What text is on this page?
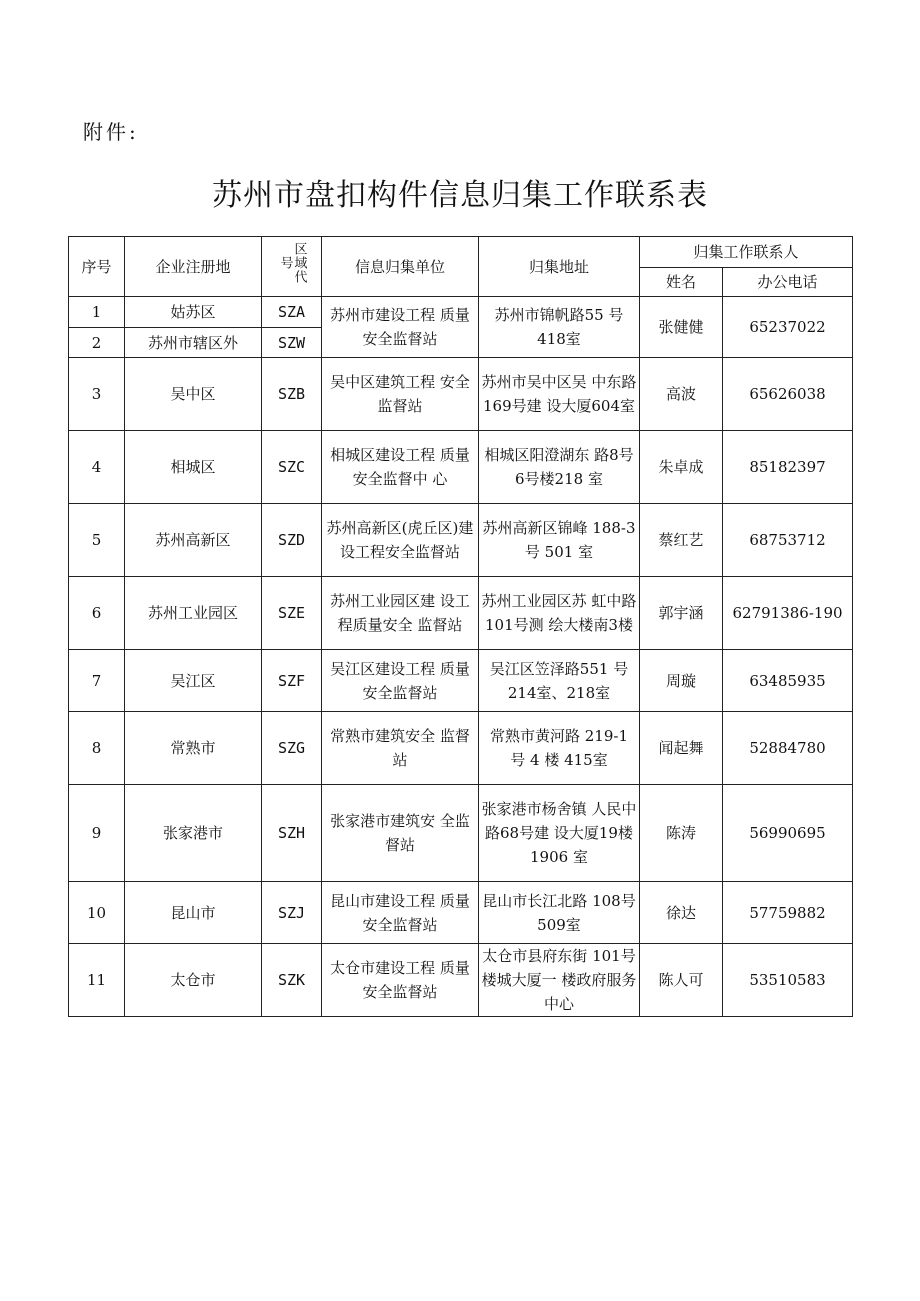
附件:
苏州市盘扣构件信息归集工作联系表
序号	企业注册地	区域代号	信息归集单位	归集地址	归集工作联系人	
					姓名	办公电话
1	姑苏区	SZA	苏州市建设工程 质量安全监督站	苏州市锦帆路55 号418室	张健健	65237022
2	苏州市辖区外	SZW				
3	吴中区	SZB	吴中区建筑工程 安全监督站	苏州市吴中区吴 中东路169号建 设大厦604室	高波	65626038
4	相城区	SZC	相城区建设工程 质量安全监督中 心	相城区阳澄湖东 路8号6号楼218 室	朱卓成	85182397
5	苏州高新区	SZD	苏州高新区(虎丘区)建设工程安全监督站	苏州高新区锦峰 188-3 号 501 室	蔡红艺	68753712
6	苏州工业园区	SZE	苏州工业园区建 设工程质量安全 监督站	苏州工业园区苏 虹中路101号测 绘大楼南3楼	郭宇涵	62791386-190
7	吴江区	SZF	吴江区建设工程 质量安全监督站	吴江区笠泽路551 号214室、218室	周璇	63485935
8	常熟市	SZG	常熟市建筑安全 监督站	常熟市黄河路 219-1 号 4 楼 415室	闻起舞	52884780
9	张家港市	SZH	张家港市建筑安 全监督站	张家港市杨舍镇 人民中路68号建 设大厦19楼1906 室	陈涛	56990695
10	昆山市	SZJ	昆山市建设工程 质量安全监督站	昆山市长江北路 108号509室	徐达	57759882
11	太仓市	SZK	太仓市建设工程 质量安全监督站	太仓市县府东街 101号楼城大厦一 楼政府服务中心	陈人可	53510583
